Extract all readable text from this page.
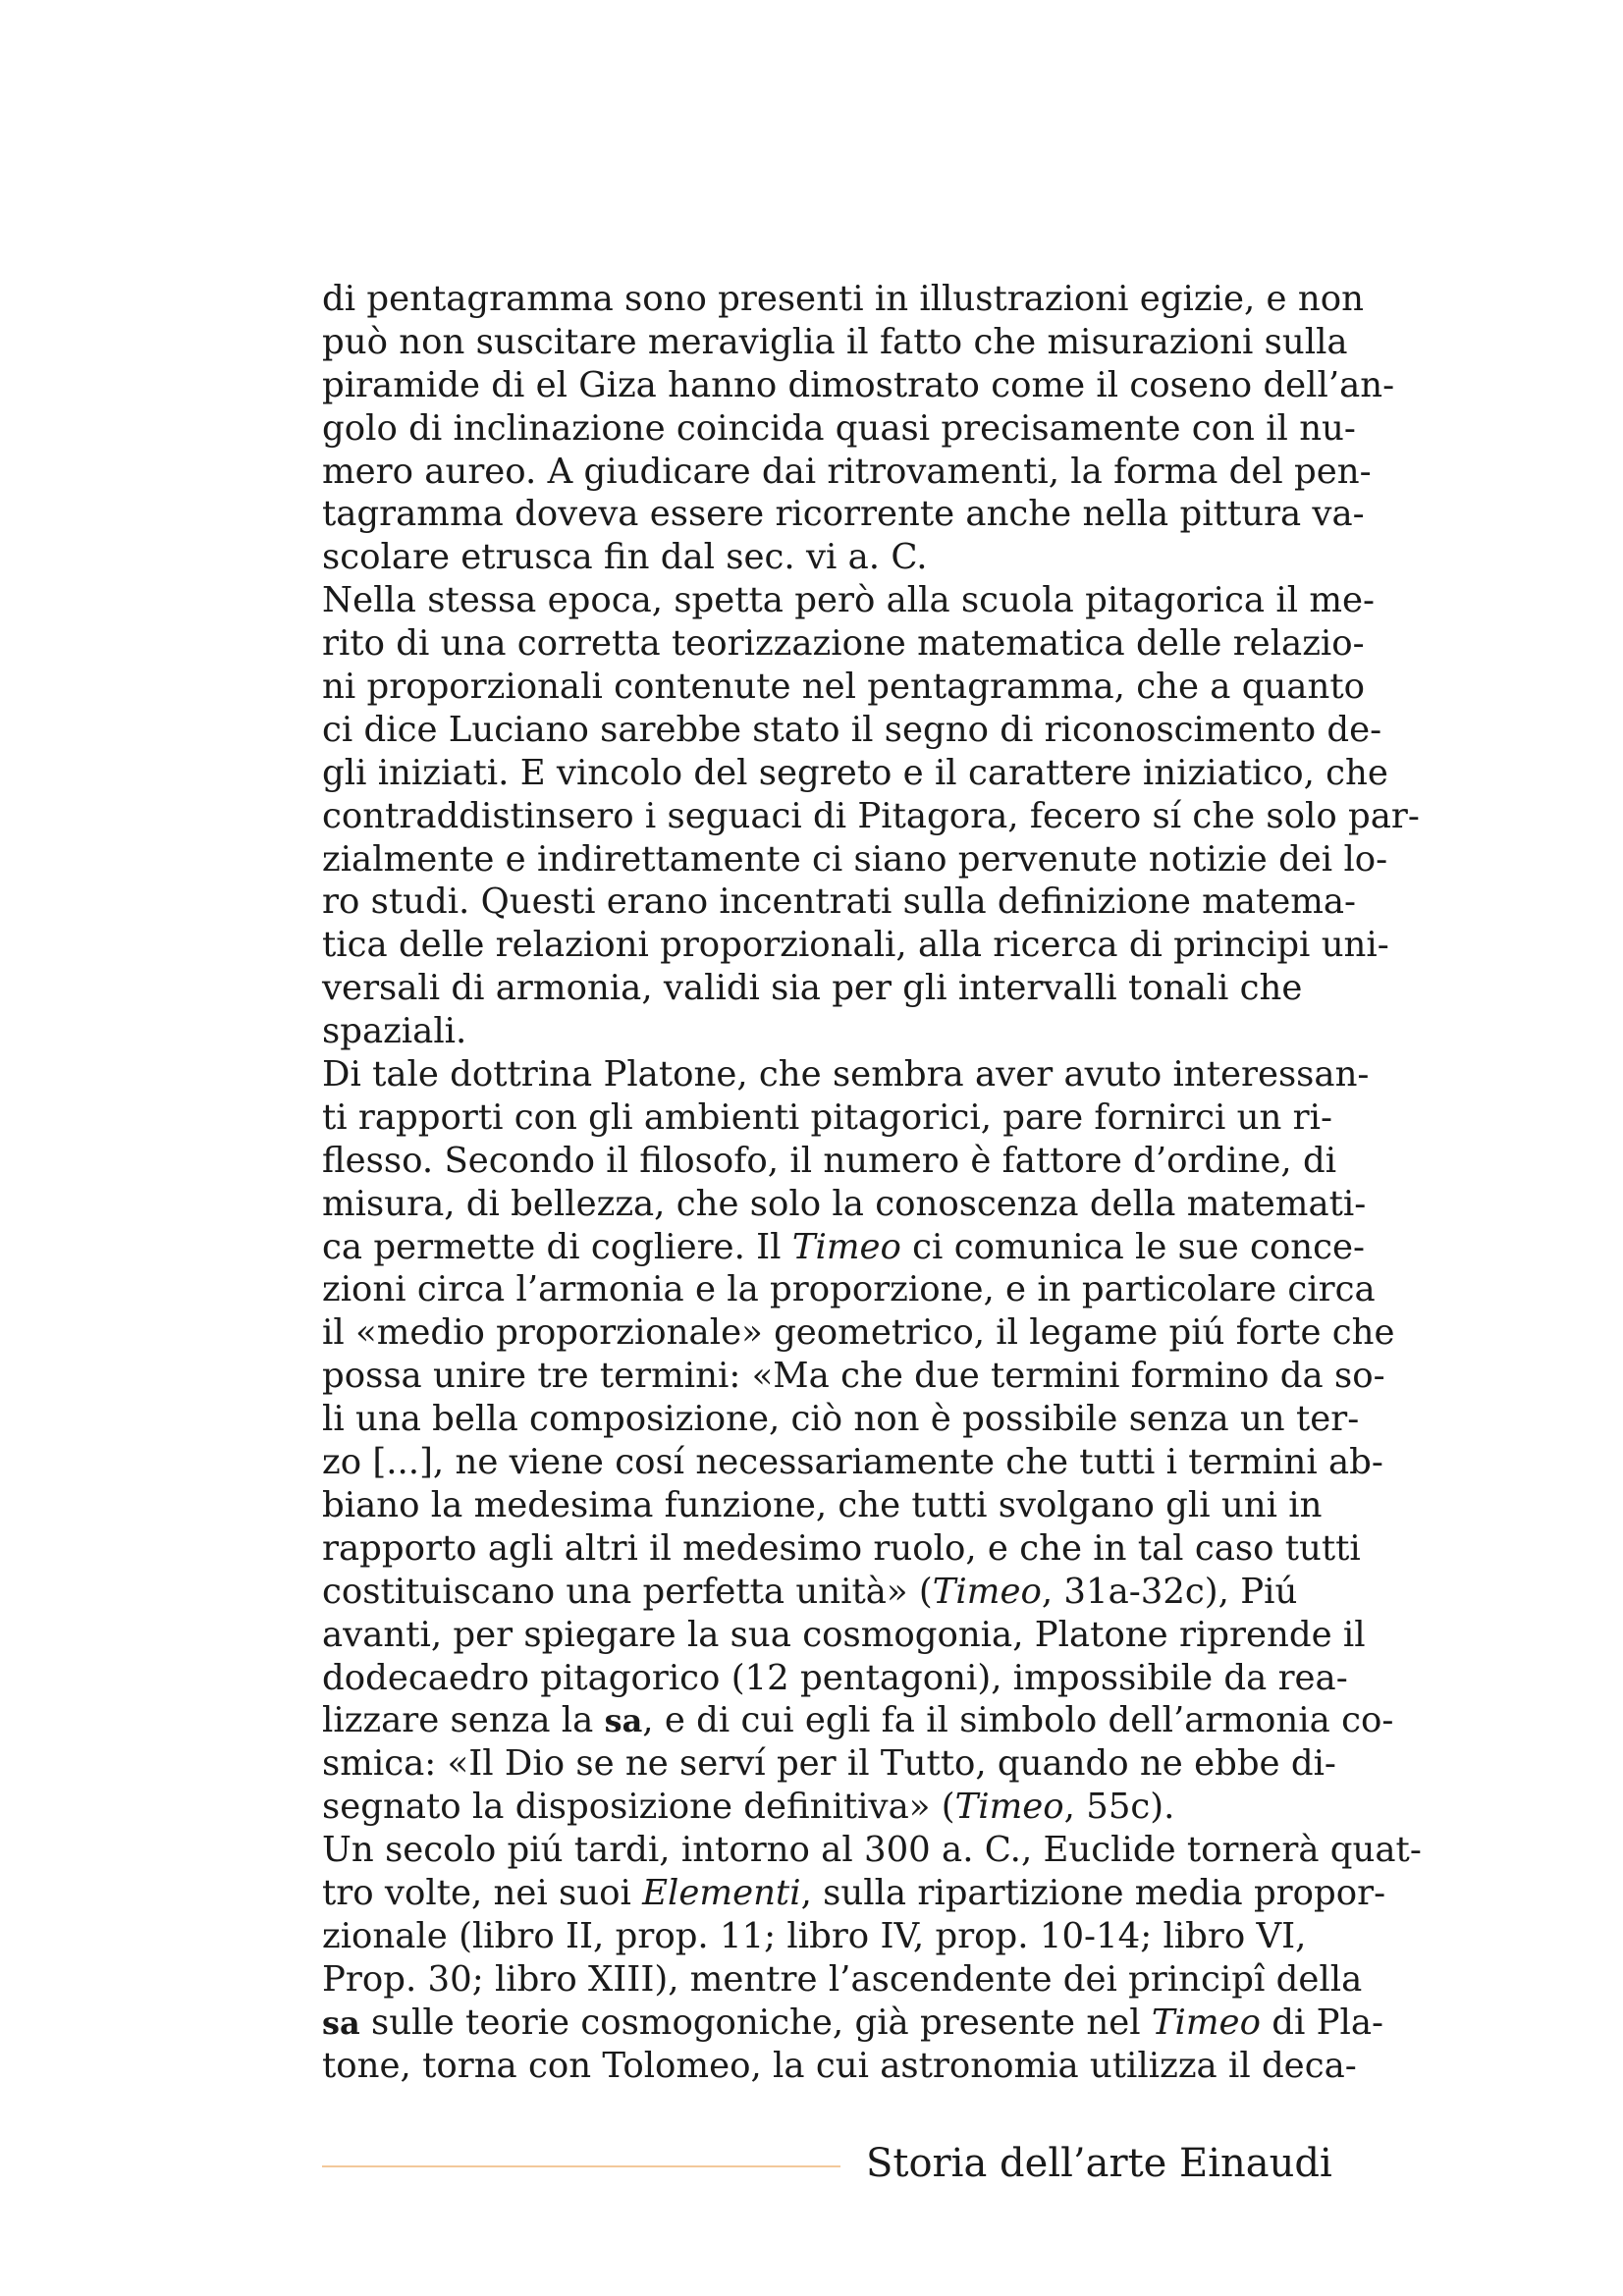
di pentagramma sono presenti in illustrazioni egizie, e non
può non suscitare meraviglia il fatto che misurazioni sulla
piramide di el Giza hanno dimostrato come il coseno dell’an-
golo di inclinazione coincida quasi precisamente con il nu-
mero aureo. A giudicare dai ritrovamenti, la forma del pen-
tagramma doveva essere ricorrente anche nella pittura va-
scolare etrusca fin dal sec. vi a. C.
Nella stessa epoca, spetta però alla scuola pitagorica il me-
rito di una corretta teorizzazione matematica delle relazio-
ni proporzionali contenute nel pentagramma, che a quanto
ci dice Luciano sarebbe stato il segno di riconoscimento de-
gli iniziati. E vincolo del segreto e il carattere iniziatico, che
contraddistinsero i seguaci di Pitagora, fecero sí che solo par-
zialmente e indirettamente ci siano pervenute notizie dei lo-
ro studi. Questi erano incentrati sulla definizione matema-
tica delle relazioni proporzionali, alla ricerca di principi uni-
versali di armonia, validi sia per gli intervalli tonali che
spaziali.
Di tale dottrina Platone, che sembra aver avuto interessan-
ti rapporti con gli ambienti pitagorici, pare fornirci un ri-
flesso. Secondo il filosofo, il numero è fattore d’ordine, di
misura, di bellezza, che solo la conoscenza della matemati-
ca permette di cogliere. Il Timeo ci comunica le sue conce-
zioni circa l’armonia e la proporzione, e in particolare circa
il «medio proporzionale» geometrico, il legame piú forte che
possa unire tre termini: «Ma che due termini formino da so-
li una bella composizione, ciò non è possibile senza un ter-
zo [...], ne viene cosí necessariamente che tutti i termini ab-
biano la medesima funzione, che tutti svolgano gli uni in
rapporto agli altri il medesimo ruolo, e che in tal caso tutti
costituiscano una perfetta unità» (Timeo, 31a-32c), Piú
avanti, per spiegare la sua cosmogonia, Platone riprende il
dodecaedro pitagorico (12 pentagoni), impossibile da rea-
lizzare senza la sa, e di cui egli fa il simbolo dell’armonia co-
smica: «Il Dio se ne serví per il Tutto, quando ne ebbe di-
segnato la disposizione definitiva» (Timeo, 55c).
Un secolo piú tardi, intorno al 300 a. C., Euclide tornerà quat-
tro volte, nei suoi Elementi, sulla ripartizione media propor-
zionale (libro II, prop. 11; libro IV, prop. 10-14; libro VI,
Prop. 30; libro XIII), mentre l’ascendente dei principî della
sa sulle teorie cosmogoniche, già presente nel Timeo di Pla-
tone, torna con Tolomeo, la cui astronomia utilizza il deca-
Storia dell’arte Einaudi
